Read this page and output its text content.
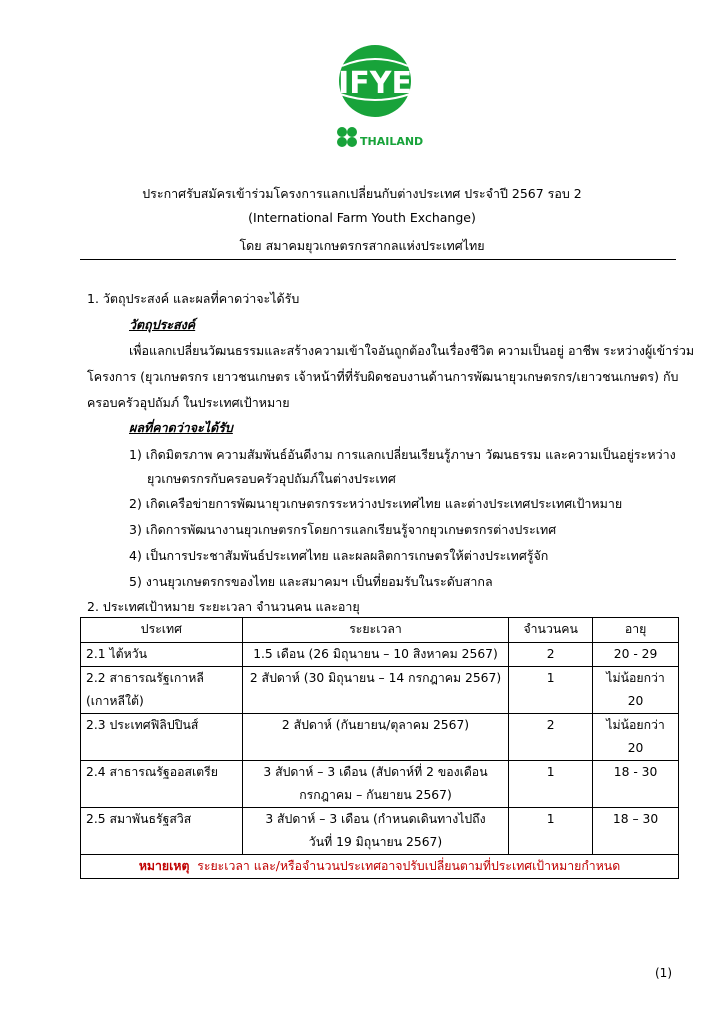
IFYE
THAILAND
ประกาศรับสมัครเข้าร่วมโครงการแลกเปลี่ยนกับต่างประเทศ ประจำปี 2567 รอบ 2
(International Farm Youth Exchange)
โดย สมาคมยุวเกษตรกรสากลแห่งประเทศไทย
1. วัตถุประสงค์ และผลที่คาดว่าจะได้รับ
วัตถุประสงค์
เพื่อแลกเปลี่ยนวัฒนธรรมและสร้างความเข้าใจอันถูกต้องในเรื่องชีวิต ความเป็นอยู่ อาชีพ ระหว่างผู้เข้าร่วม
โครงการ (ยุวเกษตรกร เยาวชนเกษตร เจ้าหน้าที่ที่รับผิดชอบงานด้านการพัฒนายุวเกษตรกร/เยาวชนเกษตร) กับ
ครอบครัวอุปถัมภ์ ในประเทศเป้าหมาย
ผลที่คาดว่าจะได้รับ
1) เกิดมิตรภาพ ความสัมพันธ์อันดีงาม การแลกเปลี่ยนเรียนรู้ภาษา วัฒนธรรม และความเป็นอยู่ระหว่าง
ยุวเกษตรกรกับครอบครัวอุปถัมภ์ในต่างประเทศ
2) เกิดเครือข่ายการพัฒนายุวเกษตรกรระหว่างประเทศไทย และต่างประเทศประเทศเป้าหมาย
3) เกิดการพัฒนางานยุวเกษตรกรโดยการแลกเรียนรู้จากยุวเกษตรกรต่างประเทศ
4) เป็นการประชาสัมพันธ์ประเทศไทย และผลผลิตการเกษตรให้ต่างประเทศรู้จัก
5) งานยุวเกษตรกรของไทย และสมาคมฯ เป็นที่ยอมรับในระดับสากล
2. ประเทศเป้าหมาย ระยะเวลา จำนวนคน และอายุ
ประเทศ	ระยะเวลา	จำนวนคน	อายุ
2.1 ไต้หวัน	1.5 เดือน (26 มิถุนายน – 10 สิงหาคม 2567)	2	20 - 29
2.2 สาธารณรัฐเกาหลี
(เกาหลีใต้)	2 สัปดาห์ (30 มิถุนายน – 14 กรกฎาคม 2567)	1	ไม่น้อยกว่า 20
2.3 ประเทศฟิลิปปินส์	2 สัปดาห์ (กันยายน/ตุลาคม 2567)	2	ไม่น้อยกว่า 20
2.4 สาธารณรัฐออสเตรีย	3 สัปดาห์ – 3 เดือน (สัปดาห์ที่ 2 ของเดือน
กรกฎาคม – กันยายน 2567)	1	18 - 30
2.5 สมาพันธรัฐสวิส	3 สัปดาห์ – 3 เดือน (กำหนดเดินทางไปถึง
วันที่ 19 มิถุนายน 2567)	1	18 – 30
หมายเหตุ ระยะเวลา และ/หรือจำนวนประเทศอาจปรับเปลี่ยนตามที่ประเทศเป้าหมายกำหนด			
(1)
